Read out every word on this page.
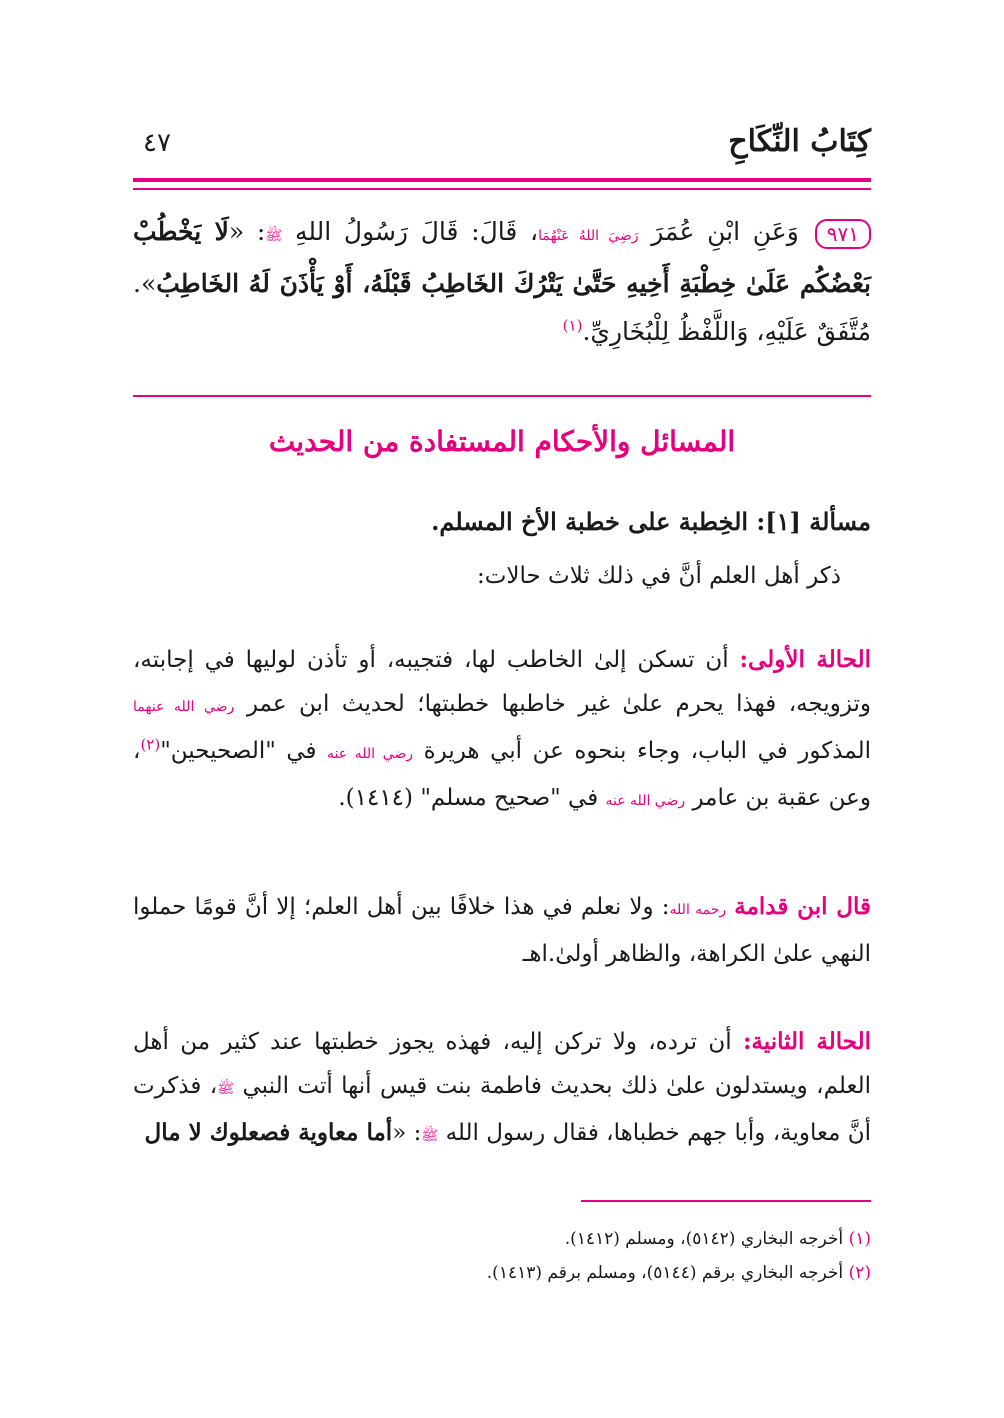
٤٧	كِتَابُ النِّكَاحِ
٩٧١وَعَنِ ابْنِ عُمَرَ رَضِيَ اللهُ عَنْهُمَا، قَالَ: قَالَ رَسُولُ اللهِ ﷺ: «لَا يَخْطُبْ بَعْضُكُم عَلَىٰ خِطْبَةِ أَخِيهِ حَتَّىٰ يَتْرُكَ الخَاطِبُ قَبْلَهُ، أَوْ يَأْذَنَ لَهُ الخَاطِبُ». مُتَّفَقٌ عَلَيْهِ، وَاللَّفْظُ لِلْبُخَارِيِّ.$^{(١)}$
المسائل والأحكام المستفادة من الحديث
مسألة [١]: الخِطبة على خطبة الأخ المسلم.
ذكر أهل العلم أنَّ في ذلك ثلاث حالات:
الحالة الأولى: أن تسكن إلىٰ الخاطب لها، فتجيبه، أو تأذن لوليها في إجابته، وتزويجه، فهذا يحرم علىٰ غير خاطبها خطبتها؛ لحديث ابن عمر رضي الله عنهما المذكور في الباب، وجاء بنحوه عن أبي هريرة رضي الله عنه في "الصحيحين"$^{(٢)}$، وعن عقبة بن عامر رضي الله عنه في "صحيح مسلم" (١٤١٤).
قال ابن قدامة رحمه الله: ولا نعلم في هذا خلافًا بين أهل العلم؛ إلا أنَّ قومًا حملوا النهي علىٰ الكراهة، والظاهر أولىٰ.اهـ
الحالة الثانية: أن ترده، ولا تركن إليه، فهذه يجوز خطبتها عند كثير من أهل العلم، ويستدلون علىٰ ذلك بحديث فاطمة بنت قيس أنها أتت النبي ﷺ، فذكرت أنَّ معاوية، وأبا جهم خطباها، فقال رسول الله ﷺ: «أما معاوية فصعلوك لا مال
(١) أخرجه البخاري (٥١٤٢)، ومسلم (١٤١٢).
(٢) أخرجه البخاري برقم (٥١٤٤)، ومسلم برقم (١٤١٣).
